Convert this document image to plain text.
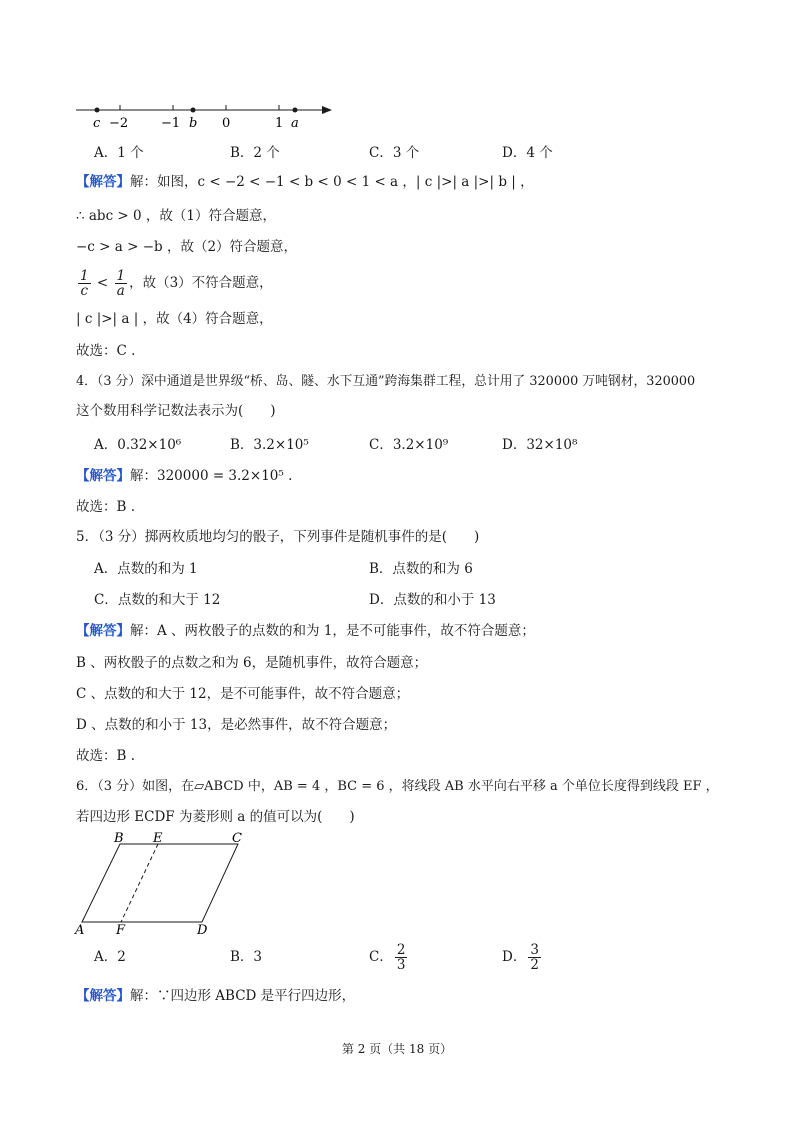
c −2	−1 b 0	1 a
A．1 个	B．2 个	C．3 个	D．4 个
【解答】解：如图，c < −2 < −1 < b < 0 < 1 < a ，| c |>| a |>| b | ，
∴ abc > 0 ，故（1）符合题意，
−c > a > −b ，故（2）符合题意，
$\frac{1}{c} < \frac{1}{a}$ ，故（3）不符合题意，
| c |>| a | ，故（4）符合题意，
故选：C .
4．（3 分）深中通道是世界级“桥、岛、隧、水下互通”跨海集群工程，总计用了 320000 万吨钢材，320000
这个数用科学记数法表示为(　　)
A．0.32×10⁶	B．3.2×10⁵	C．3.2×10⁹	D．32×10⁸
【解答】解：320000 = 3.2×10⁵ .
故选：B .
5．（3 分）掷两枚质地均匀的骰子，下列事件是随机事件的是(　　)
A．点数的和为 1	B．点数的和为 6
C．点数的和大于 12	D．点数的和小于 13
【解答】解：A 、两枚骰子的点数的和为 1，是不可能事件，故不符合题意；
B 、两枚骰子的点数之和为 6，是随机事件，故符合题意；
C 、点数的和大于 12，是不可能事件，故不符合题意；
D 、点数的和小于 13，是必然事件，故不符合题意；
故选：B .
6．（3 分）如图，在▱ABCD 中，AB = 4 ，BC = 6 ，将线段 AB 水平向右平移 a 个单位长度得到线段 EF ，
若四边形 ECDF 为菱形则 a 的值可以为(　　)
B E	C
A F	D
A．2	B．3	C． $\frac{2}{3}$	D． $\frac{3}{2}$
【解答】解：∵四边形 ABCD 是平行四边形，
第 2 页（共 18 页）
